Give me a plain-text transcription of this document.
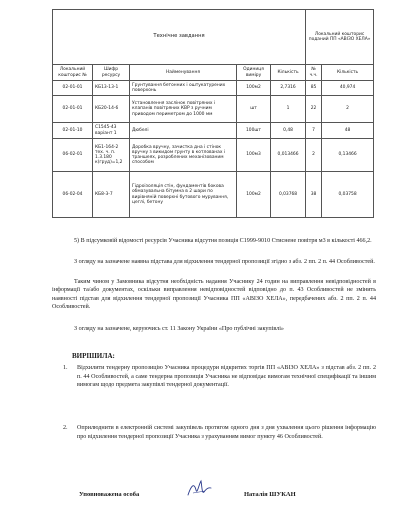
Технічне завдання					Локальний кошторис поданий ПП «АВІЗО ХЕЛА»	
Локальний кошторис №	Шифр ресурсу	Найменування	Одиниця виміру	Кількість	№ ч.ч.	Кількість
02-01-01	КБ13-13-1	Грунтування бетонних і оштукатурених поверхонь	100м2	2,7316	85	40,974
02-01-01	КБ20-14-6	Установлення заслінок повітряних і клапанів повітряних КВР з ручним приводом периметром до 1000 мм	шт	1	22	2
02-01-10	С1545-43 варіант 1	Дюбелі	100шт	0,48	7	48
06-02-01	КБ1-164-2 тех. ч. п. 1.3.180 к(груд)=1,2	Доробка вручну, зачистка дна і стінок вручну з викидом грунту в котлованах і траншеях, розроблених механізованим способом	100м3	0,013466	2	0,13466
06-02-04	КБ8-3-7	Гідроізоляція стін, фундаментів бокова обмазувальна бітумна в 2 шари по вирівняній поверхні бутового мурування, цеглі, бетону	100м2	0,03768	38	0,03758

5) В підсумковій відомості ресурсів Учасника відсутня позиція С1999-9010 Стиснене повітря м3 в кількості 466,2.

З огляду на зазначене наявна підстава для відхилення тендерної пропозиції згідно з абз. 2 пп. 2 п. 44 Особливостей.

Таким чином у Замовника відсутня необхідність надання Учаснику 24 годин на виправлення невідповідностей в інформації та/або документах, оскільки виправлення невідповідностей відповідно до п. 43 Особливостей не змінить наявності підстав для відхилення тендерної пропозиції Учасника ПП «АВІЗО ХЕЛА», передбачених абз. 2 пп. 2 п. 44 Особливостей.

З огляду на зазначене, керуючись ст. 11 Закону України «Про публічні закупівлі»

ВИРІШИЛА:
1. Відхилити тендерну пропозицію Учасника процедури відкритих торгів ПП «АВІЗО ХЕЛА» з підстав абз. 2 пп. 2 п. 44 Особливостей, а саме тендерна пропозиція Учасника не відповідає вимогам технічної специфікації та іншим вимогам щодо предмета закупівлі тендерної документації.
2. Оприлюднити в електронній системі закупівель протягом одного дня з дня ухвалення цього рішення інформацію про відхилення тендерної пропозиції Учасника з урахуванням вимог пункту 46 Особливостей.
Уповноважена особа	Наталія ШУКАН
